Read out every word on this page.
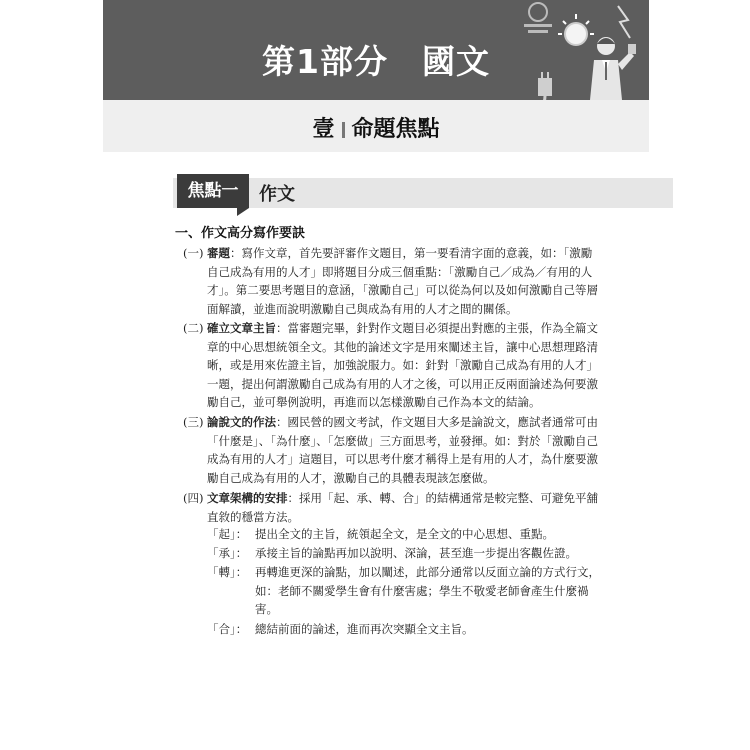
第1部分　國文
壹 命題焦點
焦點一	作文
一、作文高分寫作要訣
(一) 審題：寫作文章，首先要評審作文題目，第一要看清字面的意義，如：「激勵自己成為有用的人才」即將題目分成三個重點：「激勵自己／成為／有用的人才」。第二要思考題目的意涵，「激勵自己」可以從為何以及如何激勵自己等層面解讀，並進而說明激勵自己與成為有用的人才之間的關係。
(二) 確立文章主旨：當審題完畢，針對作文題目必須提出對應的主張，作為全篇文章的中心思想統領全文。其他的論述文字是用來闡述主旨，讓中心思想理路清晰，或是用來佐證主旨，加強說服力。如：針對「激勵自己成為有用的人才」一題，提出何謂激勵自己成為有用的人才之後，可以用正反兩面論述為何要激勵自己，並可舉例說明，再進而以怎樣激勵自己作為本文的結論。
(三) 論說文的作法：國民營的國文考試，作文題目大多是論說文，應試者通常可由「什麼是」、「為什麼」、「怎麼做」三方面思考，並發揮。如：對於「激勵自己成為有用的人才」這題目，可以思考什麼才稱得上是有用的人才，為什麼要激勵自己成為有用的人才，激勵自己的具體表現該怎麼做。
(四) 文章架構的安排：採用「起、承、轉、合」的結構通常是較完整、可避免平舖直敘的穩當方法。
「起」： 提出全文的主旨，統領起全文，是全文的中心思想、重點。
「承」： 承接主旨的論點再加以說明、深論，甚至進一步提出客觀佐證。
「轉」： 再轉進更深的論點，加以闡述，此部分通常以反面立論的方式行文，如：老師不關愛學生會有什麼害處；學生不敬愛老師會產生什麼禍害。
「合」： 總結前面的論述，進而再次突顯全文主旨。
